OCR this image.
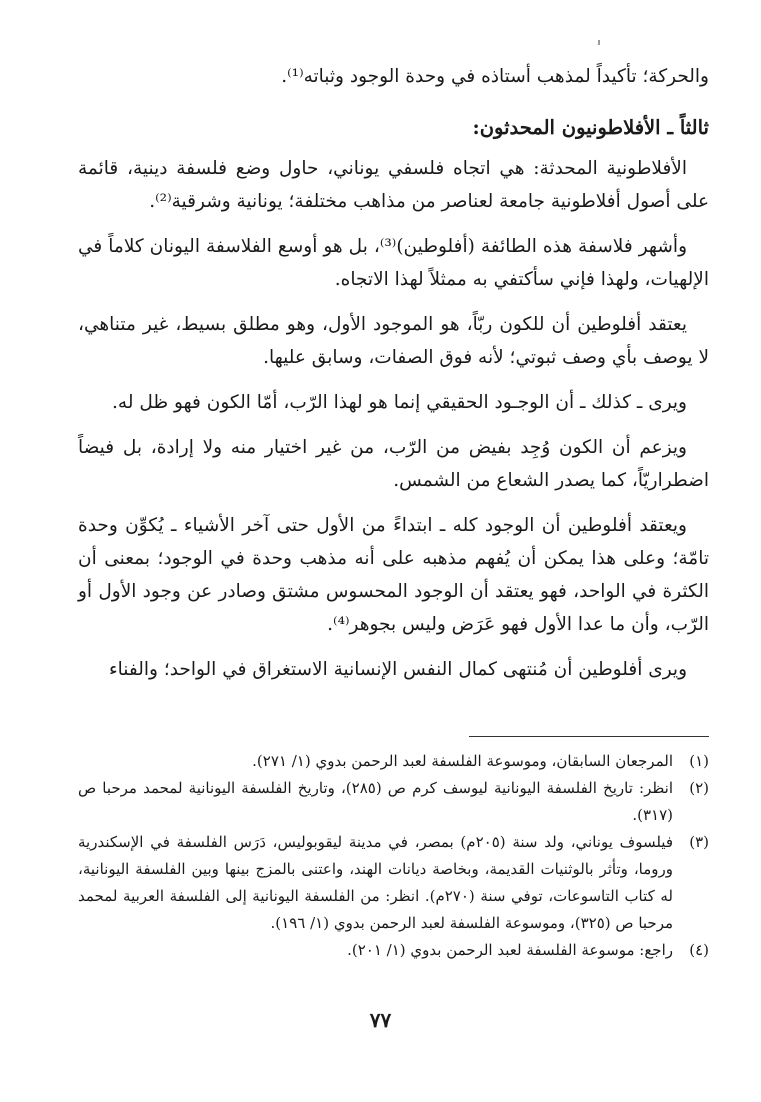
والحركة؛ تأكيداً لمذهب أستاذه في وحدة الوجود وثباته⁽¹⁾.

ثالثاً ـ الأفلاطونيون المحدثون:

الأفلاطونية المحدثة: هي اتجاه فلسفي يوناني، حاول وضع فلسفة دينية، قائمة على أصول أفلاطونية جامعة لعناصر من مذاهب مختلفة؛ يونانية وشرقية⁽²⁾.

وأشهر فلاسفة هذه الطائفة (أفلوطين)⁽³⁾، بل هو أوسع الفلاسفة اليونان كلاماً في الإلهيات، ولهذا فإني سأكتفي به ممثلاً لهذا الاتجاه.

يعتقد أفلوطين أن للكون ربّاً، هو الموجود الأول، وهو مطلق بسيط، غير متناهي، لا يوصف بأي وصف ثبوتي؛ لأنه فوق الصفات، وسابق عليها.

ويرى ـ كذلك ـ أن الوجـود الحقيقي إنما هو لهذا الرّب، أمّا الكون فهو ظل له.

ويزعم أن الكون وُجِد بفيض من الرّب، من غير اختيار منه ولا إرادة، بل فيضاً اضطراريّاً، كما يصدر الشعاع من الشمس.

ويعتقد أفلوطين أن الوجود كله ـ ابتداءً من الأول حتى آخر الأشياء ـ يُكوِّن وحدة تامّة؛ وعلى هذا يمكن أن يُفهم مذهبه على أنه مذهب وحدة في الوجود؛ بمعنى أن الكثرة في الواحد، فهو يعتقد أن الوجود المحسوس مشتق وصادر عن وجود الأول أو الرّب، وأن ما عدا الأول فهو عَرَض وليس بجوهر⁽⁴⁾.

ويرى أفلوطين أن مُنتهى كمال النفس الإنسانية الاستغراق في الواحد؛ والفناء

(١)
المرجعان السابقان، وموسوعة الفلسفة لعبد الرحمن بدوي (١/ ٢٧١).
(٢)
انظر: تاريخ الفلسفة اليونانية ليوسف كرم ص (٢٨٥)، وتاريخ الفلسفة اليونانية لمحمد مرحبا ص (٣١٧).
(٣)
فيلسوف يوناني، ولد سنة (٢٠٥م) بمصر، في مدينة ليقوبوليس، دَرَس الفلسفة في الإسكندرية وروما، وتأثر بالوثنيات القديمة، وبخاصة ديانات الهند، واعتنى بالمزج بينها وبين الفلسفة اليونانية، له كتاب التاسوعات، توفي سنة (٢٧٠م). انظر: من الفلسفة اليونانية إلى الفلسفة العربية لمحمد مرحبا ص (٣٢٥)، وموسوعة الفلسفة لعبد الرحمن بدوي (١/ ١٩٦).
(٤)
راجع: موسوعة الفلسفة لعبد الرحمن بدوي (١/ ٢٠١).
٧٧
